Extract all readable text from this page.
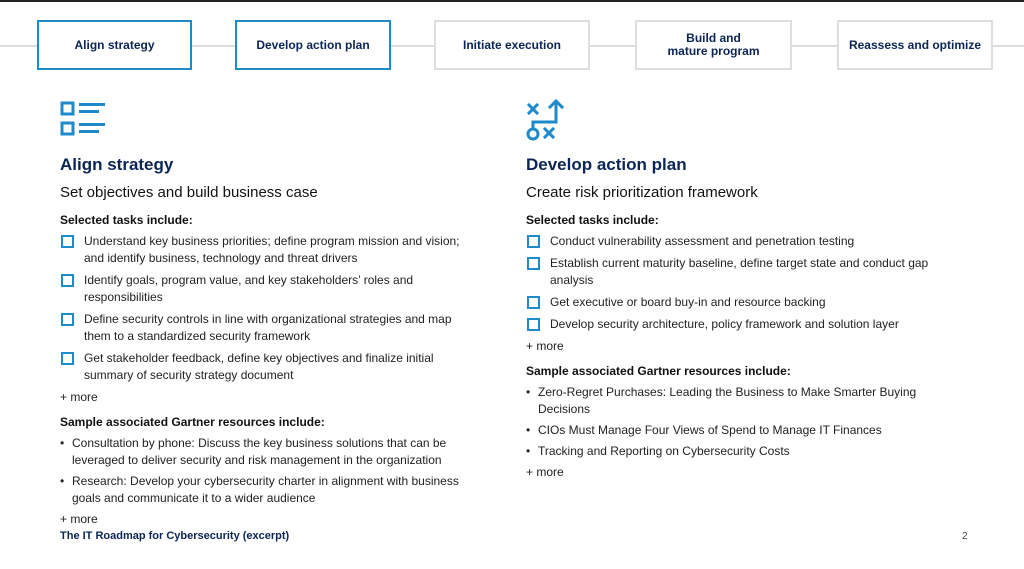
Align strategy	Develop action plan	Initiate execution	Build and
mature program	Reassess and optimize
Align strategy
Set objectives and build business case
Selected tasks include:
Understand key business priorities; define program mission and vision; and identify business, technology and threat drivers
Identify goals, program value, and key stakeholders’ roles and responsibilities
Define security controls in line with organizational strategies and map them to a standardized security framework
Get stakeholder feedback, define key objectives and finalize initial summary of security strategy document
+ more
Sample associated Gartner resources include:
• Consultation by phone: Discuss the key business solutions that can be leveraged to deliver security and risk management in the organization
• Research: Develop your cybersecurity charter in alignment with business goals and communicate it to a wider audience
+ more
Develop action plan
Create risk prioritization framework
Selected tasks include:
Conduct vulnerability assessment and penetration testing
Establish current maturity baseline, define target state and conduct gap analysis
Get executive or board buy-in and resource backing
Develop security architecture, policy framework and solution layer
+ more
Sample associated Gartner resources include:
• Zero-Regret Purchases: Leading the Business to Make Smarter Buying Decisions
• CIOs Must Manage Four Views of Spend to Manage IT Finances
• Tracking and Reporting on Cybersecurity Costs
+ more
The IT Roadmap for Cybersecurity (excerpt)	2
